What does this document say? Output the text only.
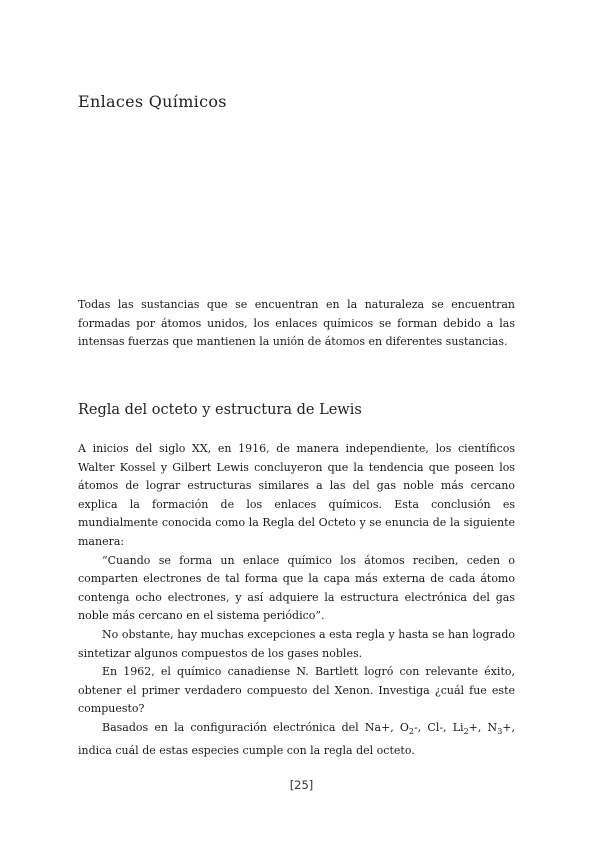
Enlaces Químicos

Todas las sustancias que se encuentran en la naturaleza se encuentran formadas por átomos unidos, los enlaces químicos se forman debido a las intensas fuerzas que mantienen la unión de átomos en diferentes sustancias.

Regla del octeto y estructura de Lewis

A inicios del siglo XX, en 1916, de manera independiente, los científicos Walter Kossel y Gilbert Lewis concluyeron que la tendencia que poseen los átomos de lograr estructuras similares a las del gas noble más cercano explica la formación de los enlaces químicos. Esta conclusión es mundialmente conocida como la Regla del Octeto y se enuncia de la siguiente manera:

“Cuando se forma un enlace químico los átomos reciben, ceden o comparten electrones de tal forma que la capa más externa de cada átomo contenga ocho electrones, y así adquiere la estructura electrónica del gas noble más cercano en el sistema periódico”.

No obstante, hay muchas excepciones a esta regla y hasta se han logrado sintetizar algunos compuestos de los gases nobles.

En 1962, el químico canadiense N. Bartlett logró con relevante éxito, obtener el primer verdadero compuesto del Xenon. Investiga ¿cuál fue este compuesto?

Basados en la configuración electrónica del Na+, $O_2-$, Cl-, $Li_2+$, $N_3+$, indica cuál de estas especies cumple con la regla del octeto.

[25]
